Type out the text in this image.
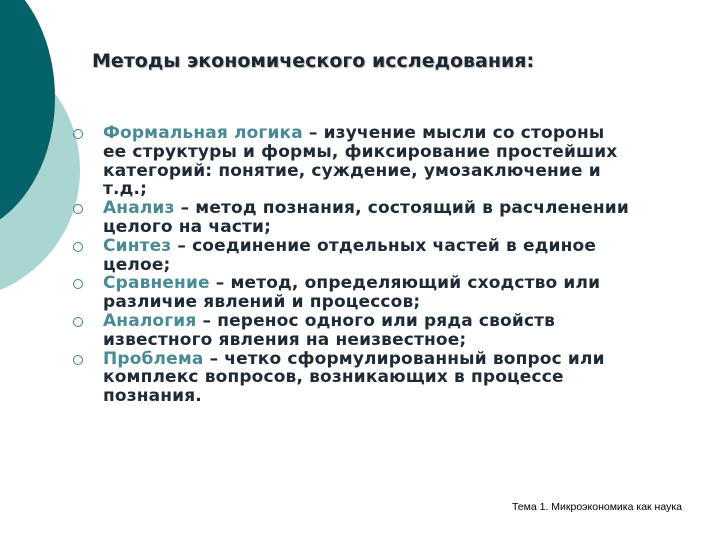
Методы экономического исследования:
Формальная логика – изучение мысли со стороны ее структуры и формы, фиксирование простейших категорий: понятие, суждение, умозаключение и т.д.;
Анализ – метод познания, состоящий в расчленении целого на части;
Синтез – соединение отдельных частей в единое целое;
Сравнение – метод, определяющий сходство или различие явлений и процессов;
Аналогия – перенос одного или ряда свойств известного явления на неизвестное;
Проблема – четко сформулированный вопрос или комплекс вопросов, возникающих в процессе познания.
Тема 1. Микроэкономика как наука
